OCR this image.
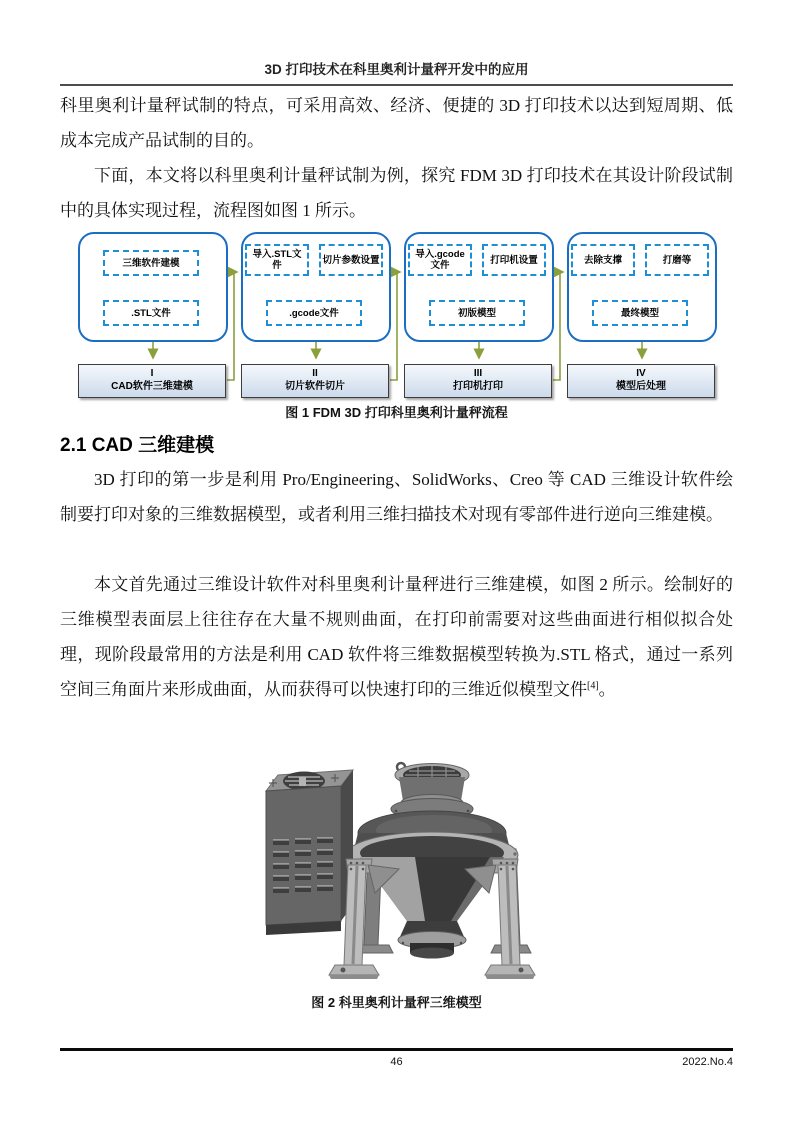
3D 打印技术在科里奥利计量秤开发中的应用

科里奥利计量秤试制的特点，可采用高效、经济、便捷的 3D 打印技术以达到短周期、低成本完成产品试制的目的。

下面，本文将以科里奥利计量秤试制为例，探究 FDM 3D 打印技术在其设计阶段试制中的具体实现过程，流程图如图 1 所示。

三维软件建模
.STL文件
I
CAD软件三维建模
导入.STL文件	切片参数设置
.gcode文件
II
切片软件切片
导入.gcode文件	打印机设置
初版模型
III
打印机打印
去除支撑	打磨等
最终模型
IV
模型后处理
图 1 FDM 3D 打印科里奥利计量秤流程
2.1 CAD 三维建模

3D 打印的第一步是利用 Pro/Engineering、SolidWorks、Creo 等 CAD 三维设计软件绘制要打印对象的三维数据模型，或者利用三维扫描技术对现有零部件进行逆向三维建模。

本文首先通过三维设计软件对科里奥利计量秤进行三维建模，如图 2 所示。绘制好的三维模型表面层上往往存在大量不规则曲面，在打印前需要对这些曲面进行相似拟合处理，现阶段最常用的方法是利用 CAD 软件将三维数据模型转换为.STL 格式，通过一系列空间三角面片来形成曲面，从而获得可以快速打印的三维近似模型文件[4]。

图 2 科里奥利计量秤三维模型
46	2022.No.4
